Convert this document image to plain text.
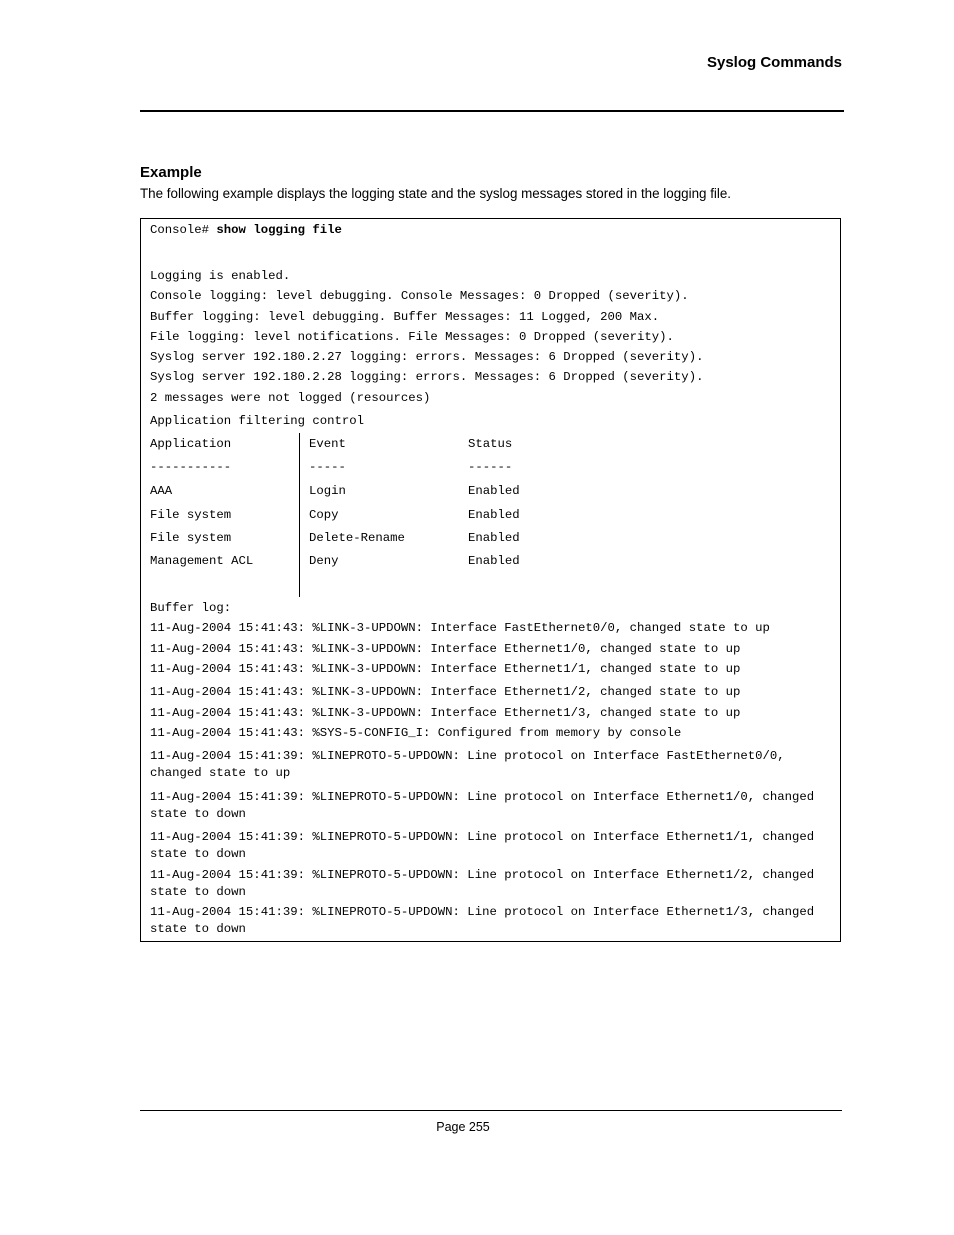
Syslog Commands
Example
The following example displays the logging state and the syslog messages stored in the logging file.
Console# show logging file
Logging is enabled.
Console logging: level debugging. Console Messages: 0 Dropped (severity).
Buffer logging: level debugging. Buffer Messages: 11 Logged, 200 Max.
File logging: level notifications. File Messages: 0 Dropped (severity).
Syslog server 192.180.2.27 logging: errors. Messages: 6 Dropped (severity).
Syslog server 192.180.2.28 logging: errors. Messages: 6 Dropped (severity).
2 messages were not logged (resources)
Application filtering control
Application	Event	Status
-----------	-----	------
AAA	Login	Enabled
File system	Copy	Enabled
File system	Delete-Rename	Enabled
Management ACL	Deny	Enabled
Buffer log:
11-Aug-2004 15:41:43: %LINK-3-UPDOWN: Interface FastEthernet0/0, changed state to up
11-Aug-2004 15:41:43: %LINK-3-UPDOWN: Interface Ethernet1/0, changed state to up
11-Aug-2004 15:41:43: %LINK-3-UPDOWN: Interface Ethernet1/1, changed state to up
11-Aug-2004 15:41:43: %LINK-3-UPDOWN: Interface Ethernet1/2, changed state to up
11-Aug-2004 15:41:43: %LINK-3-UPDOWN: Interface Ethernet1/3, changed state to up
11-Aug-2004 15:41:43: %SYS-5-CONFIG_I: Configured from memory by console
11-Aug-2004 15:41:39: %LINEPROTO-5-UPDOWN: Line protocol on Interface FastEthernet0/0,
changed state to up
11-Aug-2004 15:41:39: %LINEPROTO-5-UPDOWN: Line protocol on Interface Ethernet1/0, changed
state to down
11-Aug-2004 15:41:39: %LINEPROTO-5-UPDOWN: Line protocol on Interface Ethernet1/1, changed
state to down
11-Aug-2004 15:41:39: %LINEPROTO-5-UPDOWN: Line protocol on Interface Ethernet1/2, changed
state to down
11-Aug-2004 15:41:39: %LINEPROTO-5-UPDOWN: Line protocol on Interface Ethernet1/3, changed
state to down
Page 255
